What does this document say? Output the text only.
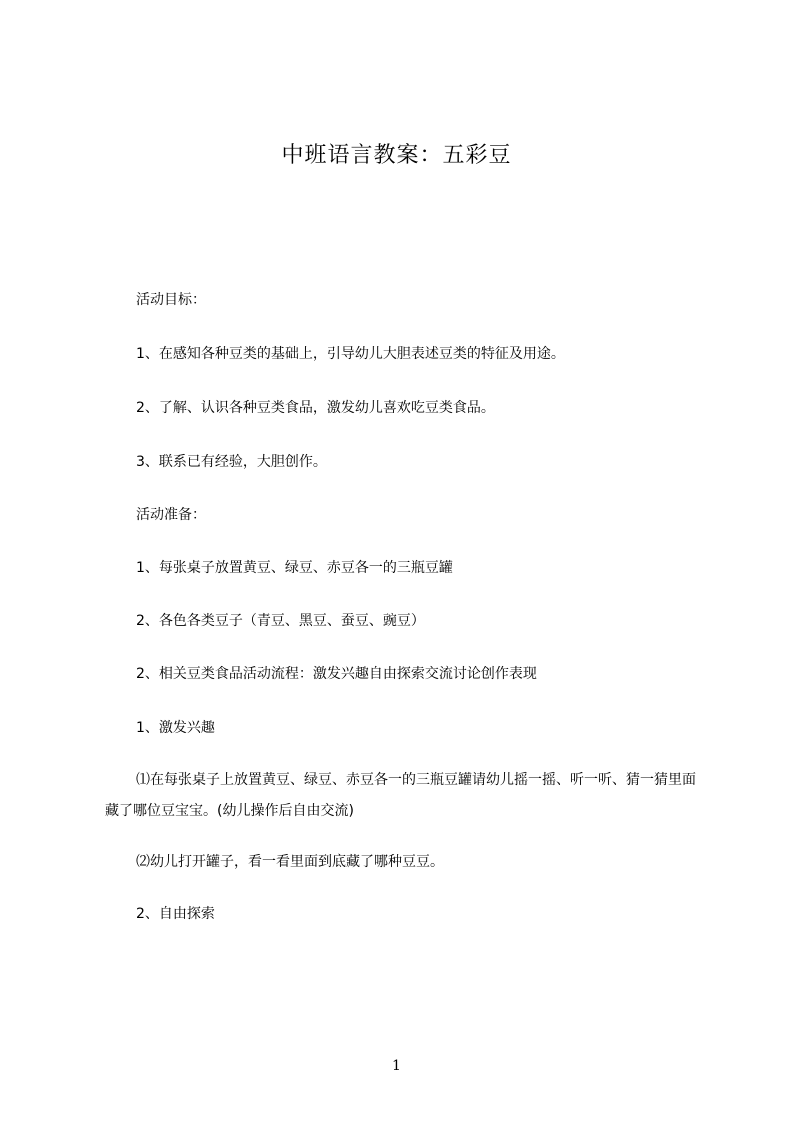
中班语言教案：五彩豆
活动目标：
1、在感知各种豆类的基础上，引导幼儿大胆表述豆类的特征及用途。
2、了解、认识各种豆类食品，激发幼儿喜欢吃豆类食品。
3、联系已有经验，大胆创作。
活动准备：
1、每张桌子放置黄豆、绿豆、赤豆各一的三瓶豆罐
2、各色各类豆子（青豆、黑豆、蚕豆、豌豆）
2、相关豆类食品活动流程：激发兴趣自由探索交流讨论创作表现
1、激发兴趣
⑴在每张桌子上放置黄豆、绿豆、赤豆各一的三瓶豆罐请幼儿摇一摇、听一听、猜一猜里面藏了哪位豆宝宝。(幼儿操作后自由交流)
⑵幼儿打开罐子，看一看里面到底藏了哪种豆豆。
2、自由探索
1
